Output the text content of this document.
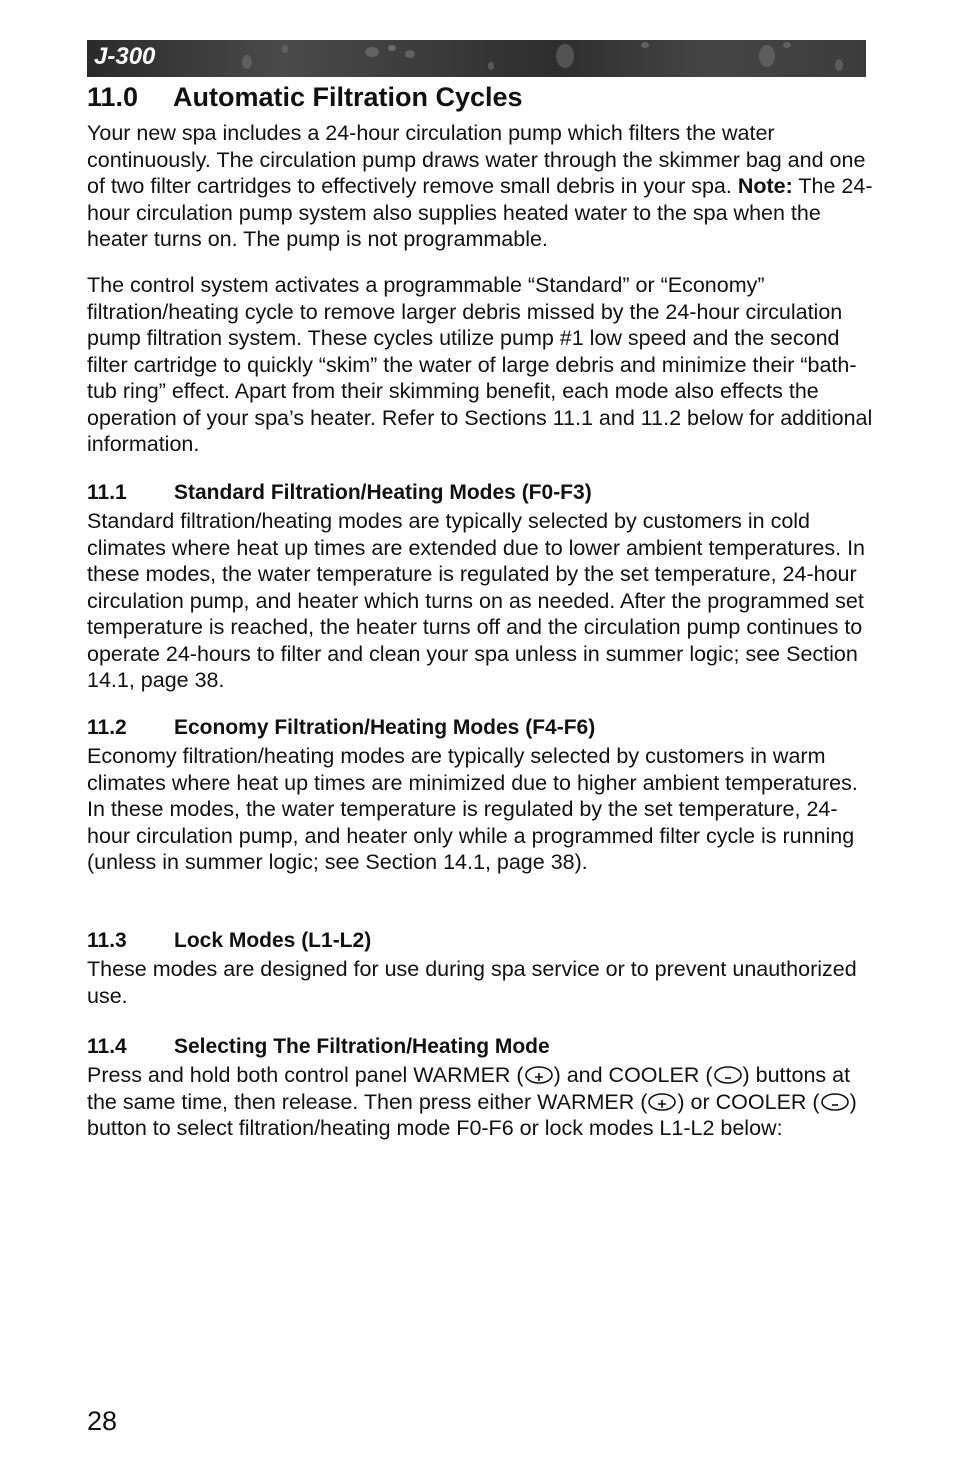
J-300
11.0 Automatic Filtration Cycles

Your new spa includes a 24-hour circulation pump which filters the water continuously. The circulation pump draws water through the skimmer bag and one of two filter cartridges to effectively remove small debris in your spa. Note: The 24-hour circulation pump system also supplies heated water to the spa when the heater turns on. The pump is not programmable.

The control system activates a programmable “Standard” or “Economy” filtration/heating cycle to remove larger debris missed by the 24-hour circulation pump filtration system. These cycles utilize pump #1 low speed and the second filter cartridge to quickly “skim” the water of large debris and minimize their “bath-tub ring” effect. Apart from their skimming benefit, each mode also effects the operation of your spa’s heater. Refer to Sections 11.1 and 11.2 below for additional information.

11.1 Standard Filtration/Heating Modes (F0-F3)

Standard filtration/heating modes are typically selected by customers in cold climates where heat up times are extended due to lower ambient temperatures. In these modes, the water temperature is regulated by the set temperature, 24-hour circulation pump, and heater which turns on as needed. After the programmed set temperature is reached, the heater turns off and the circulation pump continues to operate 24-hours to filter and clean your spa unless in summer logic; see Section 14.1, page 38.

11.2 Economy Filtration/Heating Modes (F4-F6)

Economy filtration/heating modes are typically selected by customers in warm climates where heat up times are minimized due to higher ambient temperatures. In these modes, the water temperature is regulated by the set temperature, 24-hour circulation pump, and heater only while a programmed filter cycle is running (unless in summer logic; see Section 14.1, page 38).

11.3 Lock Modes (L1-L2)

These modes are designed for use during spa service or to prevent unauthorized use.

11.4 Selecting The Filtration/Heating Mode

Press and hold both control panel WARMER ( ) and COOLER ( ) buttons at the same time, then release. Then press either WARMER ( ) or COOLER ( ) button to select filtration/heating mode F0-F6 or lock modes L1-L2 below:

28
